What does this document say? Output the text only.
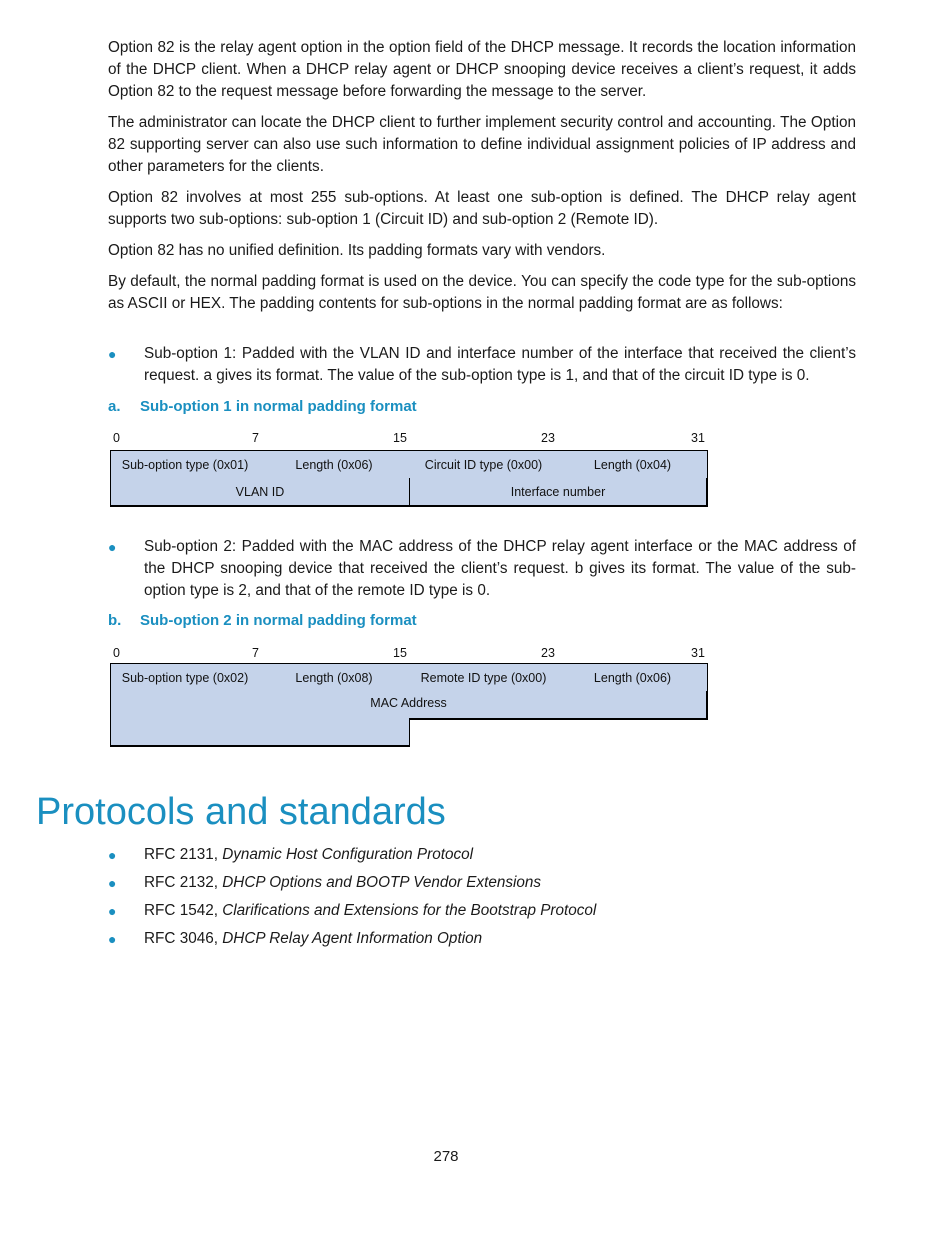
Option 82 is the relay agent option in the option field of the DHCP message. It records the location information of the DHCP client. When a DHCP relay agent or DHCP snooping device receives a client’s request, it adds Option 82 to the request message before forwarding the message to the server.

The administrator can locate the DHCP client to further implement security control and accounting. The Option 82 supporting server can also use such information to define individual assignment policies of IP address and other parameters for the clients.

Option 82 involves at most 255 sub-options. At least one sub-option is defined. The DHCP relay agent supports two sub-options: sub-option 1 (Circuit ID) and sub-option 2 (Remote ID).

Option 82 has no unified definition. Its padding formats vary with vendors.

By default, the normal padding format is used on the device. You can specify the code type for the sub-options as ASCII or HEX. The padding contents for sub-options in the normal padding format are as follows:

● Sub-option 1: Padded with the VLAN ID and interface number of the interface that received the client’s request. a gives its format. The value of the sub-option type is 1, and that of the circuit ID type is 0.
a. Sub-option 1 in normal padding format
0	7	15	23	31
Sub-option type (0x01)	Length (0x06)	Circuit ID type (0x00)	Length (0x04)
VLAN ID	Interface number
● Sub-option 2: Padded with the MAC address of the DHCP relay agent interface or the MAC address of the DHCP snooping device that received the client’s request. b gives its format. The value of the sub-option type is 2, and that of the remote ID type is 0.
b. Sub-option 2 in normal padding format
0	7	15	23	31
Sub-option type (0x02)	Length (0x08)	Remote ID type (0x00)	Length (0x06)
MAC Address
Protocols and standards
● RFC 2131, Dynamic Host Configuration Protocol
● RFC 2132, DHCP Options and BOOTP Vendor Extensions
● RFC 1542, Clarifications and Extensions for the Bootstrap Protocol
● RFC 3046, DHCP Relay Agent Information Option
278
